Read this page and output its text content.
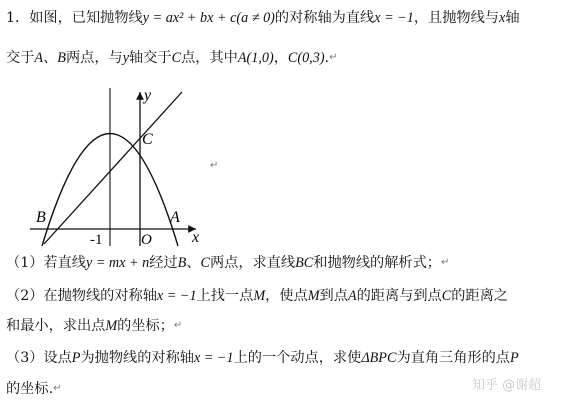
1．如图，已知抛物线y = ax² + bx + c(a ≠ 0)的对称轴为直线x = −1，且抛物线与x轴
交于A、B两点，与y轴交于C点，其中A(1,0)，C(0,3).↵
y
x
C
B	A
O
-1
↵
（1）若直线y = mx + n经过B、C两点，求直线BC和抛物线的解析式；↵
（2）在抛物线的对称轴x = −1上找一点M，使点M到点A的距离与到点C的距离之
和最小，求出点M的坐标；↵
（3）设点P为抛物线的对称轴x = −1上的一个动点，求使ΔBPC为直角三角形的点P
的坐标.↵	知乎 @谢超
